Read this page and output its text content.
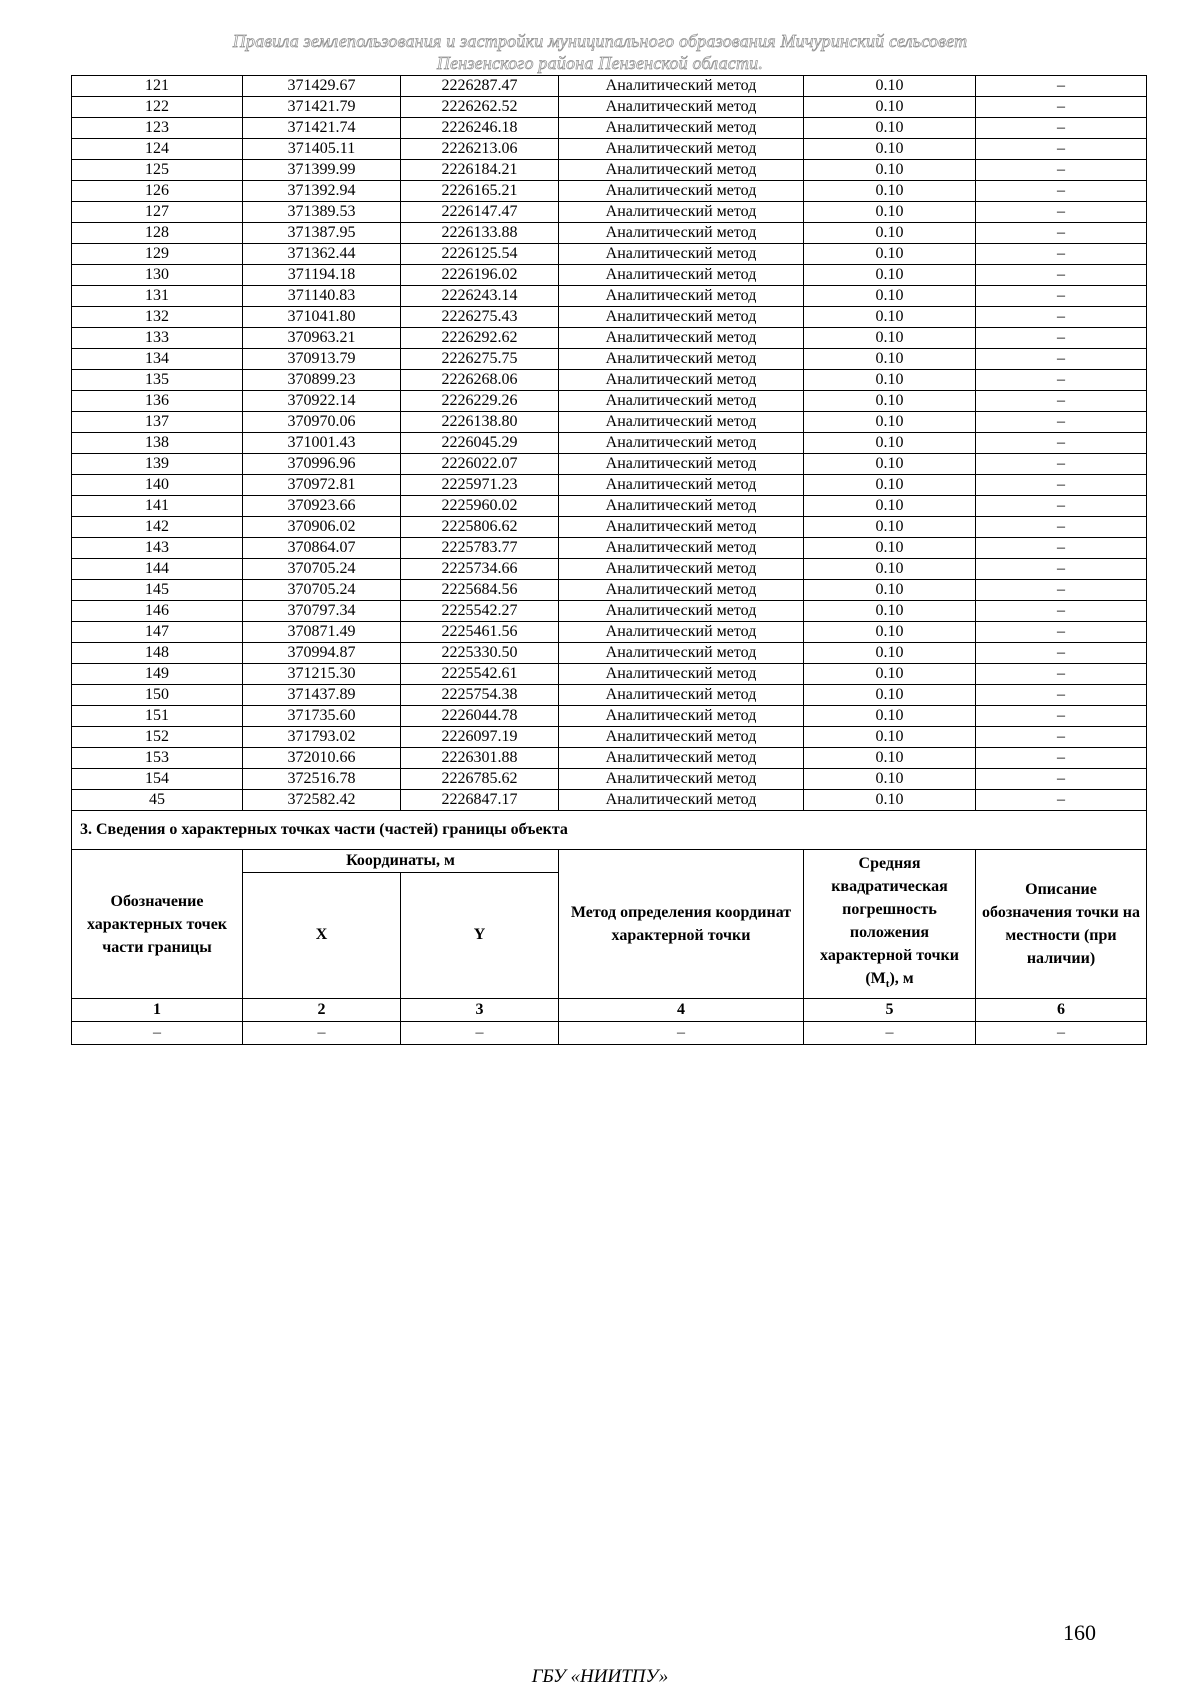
Правила землепользования и застройки муниципального образования Мичуринский сельсовет
Пензенского района Пензенской области.
121	371429.67	2226287.47	Аналитический метод	0.10	–
122	371421.79	2226262.52	Аналитический метод	0.10	–
123	371421.74	2226246.18	Аналитический метод	0.10	–
124	371405.11	2226213.06	Аналитический метод	0.10	–
125	371399.99	2226184.21	Аналитический метод	0.10	–
126	371392.94	2226165.21	Аналитический метод	0.10	–
127	371389.53	2226147.47	Аналитический метод	0.10	–
128	371387.95	2226133.88	Аналитический метод	0.10	–
129	371362.44	2226125.54	Аналитический метод	0.10	–
130	371194.18	2226196.02	Аналитический метод	0.10	–
131	371140.83	2226243.14	Аналитический метод	0.10	–
132	371041.80	2226275.43	Аналитический метод	0.10	–
133	370963.21	2226292.62	Аналитический метод	0.10	–
134	370913.79	2226275.75	Аналитический метод	0.10	–
135	370899.23	2226268.06	Аналитический метод	0.10	–
136	370922.14	2226229.26	Аналитический метод	0.10	–
137	370970.06	2226138.80	Аналитический метод	0.10	–
138	371001.43	2226045.29	Аналитический метод	0.10	–
139	370996.96	2226022.07	Аналитический метод	0.10	–
140	370972.81	2225971.23	Аналитический метод	0.10	–
141	370923.66	2225960.02	Аналитический метод	0.10	–
142	370906.02	2225806.62	Аналитический метод	0.10	–
143	370864.07	2225783.77	Аналитический метод	0.10	–
144	370705.24	2225734.66	Аналитический метод	0.10	–
145	370705.24	2225684.56	Аналитический метод	0.10	–
146	370797.34	2225542.27	Аналитический метод	0.10	–
147	370871.49	2225461.56	Аналитический метод	0.10	–
148	370994.87	2225330.50	Аналитический метод	0.10	–
149	371215.30	2225542.61	Аналитический метод	0.10	–
150	371437.89	2225754.38	Аналитический метод	0.10	–
151	371735.60	2226044.78	Аналитический метод	0.10	–
152	371793.02	2226097.19	Аналитический метод	0.10	–
153	372010.66	2226301.88	Аналитический метод	0.10	–
154	372516.78	2226785.62	Аналитический метод	0.10	–
45	372582.42	2226847.17	Аналитический метод	0.10	–
3. Сведения о характерных точках части (частей) границы объекта					
Обозначение характерных точек части границы	Координаты, м		Метод определения координат характерной точки	Средняя квадратическая погрешность положения характерной точки $(M_t)$, м	Описание обозначения точки на местности (при наличии)
	X	Y			
1	2	3	4	5	6
–	–	–	–	–	–
160
ГБУ «НИИТПУ»
